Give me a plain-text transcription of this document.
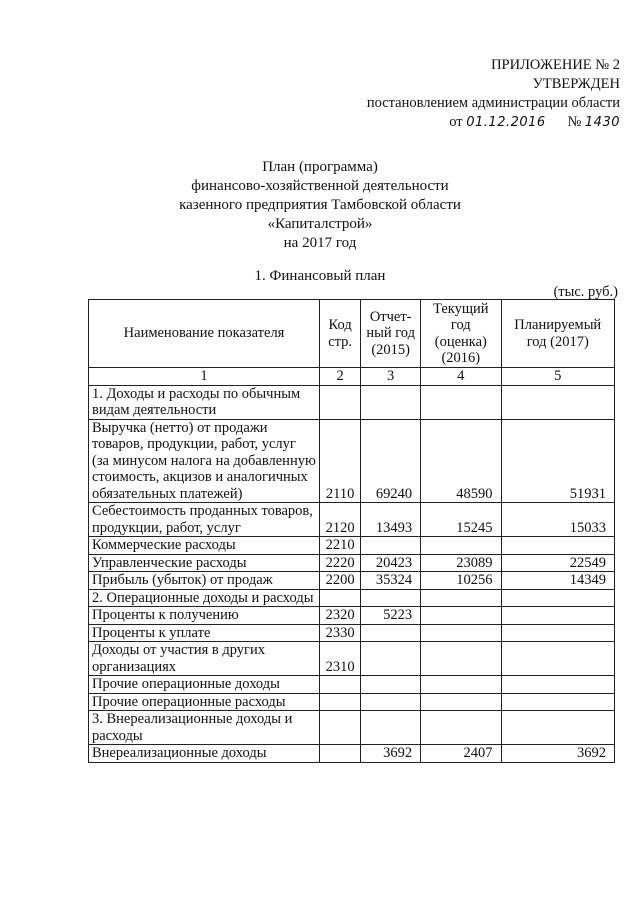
ПРИЛОЖЕНИЕ № 2
УТВЕРЖДЕН
постановлением администрации области
от 01.12.2016 № 1430
План (программа)
финансово-хозяйственной деятельности
казенного предприятия Тамбовской области
«Капиталстрой»
на 2017 год
1. Финансовый план
(тыс. руб.)
Наименование показателя	Код стр.	Отчет-ный год (2015)	Текущий год (оценка) (2016)	Планируемый год (2017)
1	2	3	4	5
1. Доходы и расходы по обычным видам деятельности				
Выручка (нетто) от продажи товаров, продукции, работ, услуг (за минусом налога на добавленную стоимость, акцизов и аналогичных обязательных платежей)	2110	69240	48590	51931
Себестоимость проданных товаров, продукции, работ, услуг	2120	13493	15245	15033
Коммерческие расходы	2210			
Управленческие расходы	2220	20423	23089	22549
Прибыль (убыток) от продаж	2200	35324	10256	14349
2. Операционные доходы и расходы				
Проценты к получению	2320	5223		
Проценты к уплате	2330			
Доходы от участия в других организациях	2310			
Прочие операционные доходы				
Прочие операционные расходы				
3. Внереализационные доходы и расходы				
Внереализационные доходы		3692	2407	3692
